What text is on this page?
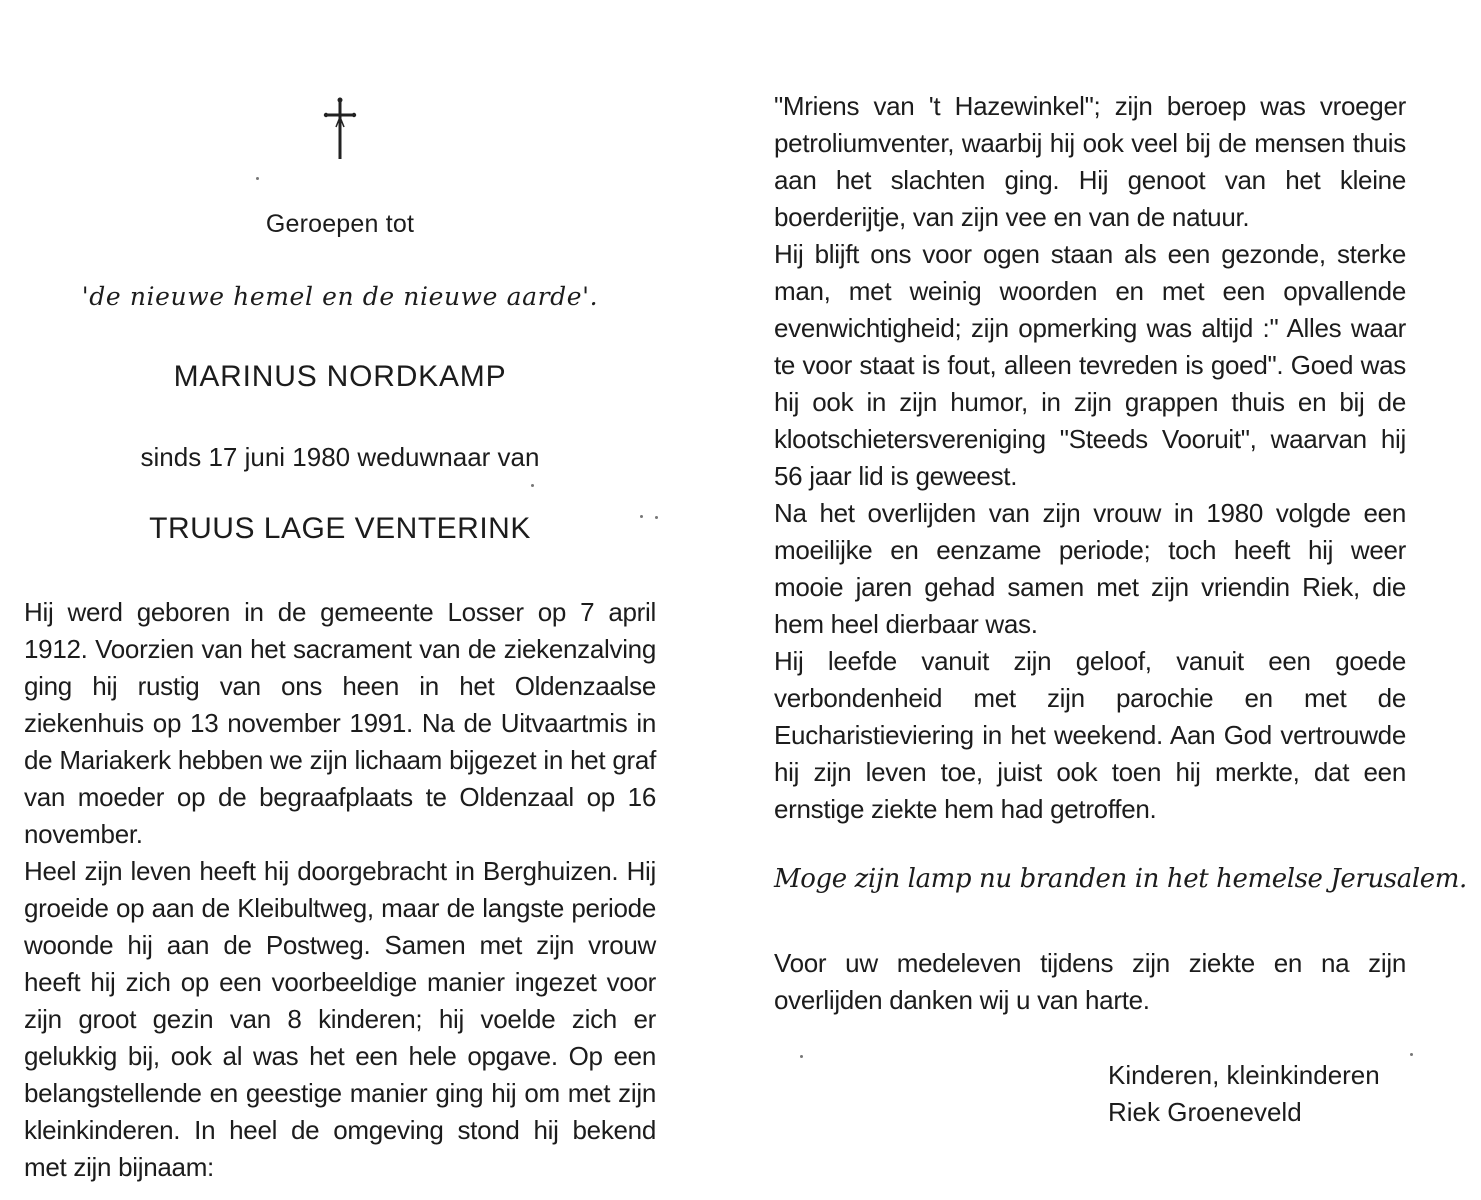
Geroepen tot
'de nieuwe hemel en de nieuwe aarde'.
MARINUS NORDKAMP
sinds 17 juni 1980 weduwnaar van
TRUUS LAGE VENTERINK

Hij werd geboren in de gemeente Losser op 7 april 1912. Voorzien van het sacrament van de ziekenzalving ging hij rustig van ons heen in het Oldenzaalse ziekenhuis op 13 november 1991. Na de Uitvaartmis in de Mariakerk hebben we zijn lichaam bijgezet in het graf van moeder op de begraafplaats te Oldenzaal op 16 november.

Heel zijn leven heeft hij doorgebracht in Berghuizen. Hij groeide op aan de Kleibultweg, maar de langste periode woonde hij aan de Postweg. Samen met zijn vrouw heeft hij zich op een voorbeeldige manier ingezet voor zijn groot gezin van 8 kinderen; hij voelde zich er gelukkig bij, ook al was het een hele opgave. Op een belangstellende en geestige manier ging hij om met zijn kleinkinderen. In heel de omgeving stond hij bekend met zijn bijnaam:

"Mriens van 't Hazewinkel"; zijn beroep was vroeger petroliumventer, waarbij hij ook veel bij de mensen thuis aan het slachten ging. Hij genoot van het kleine boerderijtje, van zijn vee en van de natuur.

Hij blijft ons voor ogen staan als een gezonde, sterke man, met weinig woorden en met een opvallende evenwichtigheid; zijn opmerking was altijd :" Alles waar te voor staat is fout, alleen tevreden is goed". Goed was hij ook in zijn humor, in zijn grappen thuis en bij de klootschietersvereniging "Steeds Vooruit", waarvan hij 56 jaar lid is geweest.

Na het overlijden van zijn vrouw in 1980 volgde een moeilijke en eenzame periode; toch heeft hij weer mooie jaren gehad samen met zijn vriendin Riek, die hem heel dierbaar was.

Hij leefde vanuit zijn geloof, vanuit een goede verbondenheid met zijn parochie en met de Eucharistieviering in het weekend. Aan God vertrouwde hij zijn leven toe, juist ook toen hij merkte, dat een ernstige ziekte hem had getroffen.

Moge zijn lamp nu branden in het hemelse Jerusalem.

Voor uw medeleven tijdens zijn ziekte en na zijn overlijden danken wij u van harte.

Kinderen, kleinkinderen
Riek Groeneveld
